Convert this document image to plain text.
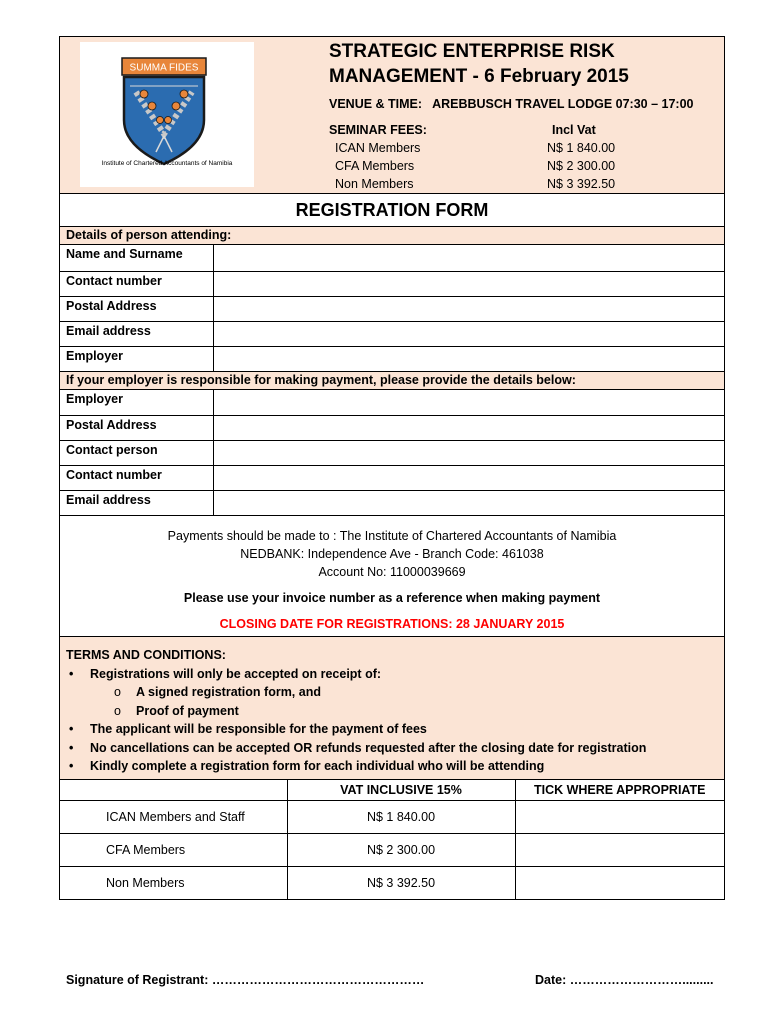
SUMMA FIDES
Institute of Chartered Accountants of Namibia
STRATEGIC ENTERPRISE RISK
MANAGEMENT - 6 February 2015
VENUE & TIME: AREBBUSCH TRAVEL LODGE 07:30 – 17:00
SEMINAR FEES:	Incl Vat
ICAN Members	N$ 1 840.00
CFA Members	N$ 2 300.00
Non Members	N$ 3 392.50
REGISTRATION FORM
Details of person attending:
Name and Surname	
Contact number	
Postal Address	
Email address	
Employer	
If your employer is responsible for making payment, please provide the details below:
Employer	
Postal Address	
Contact person	
Contact number	
Email address	
Payments should be made to : The Institute of Chartered Accountants of Namibia
NEDBANK: Independence Ave - Branch Code: 461038
Account No: 11000039669
Please use your invoice number as a reference when making payment
CLOSING DATE FOR REGISTRATIONS: 28 JANUARY 2015
TERMS AND CONDITIONS:
• Registrations will only be accepted on receipt of:
o A signed registration form, and
o Proof of payment
• The applicant will be responsible for the payment of fees
• No cancellations can be accepted OR refunds requested after the closing date for registration
• Kindly complete a registration form for each individual who will be attending
	VAT INCLUSIVE 15%	TICK WHERE APPROPRIATE
ICAN Members and Staff	N$ 1 840.00	
CFA Members	N$ 2 300.00	
Non Members	N$ 3 392.50	
Signature of Registrant: ……………………………………………	Date: ……………………….........
